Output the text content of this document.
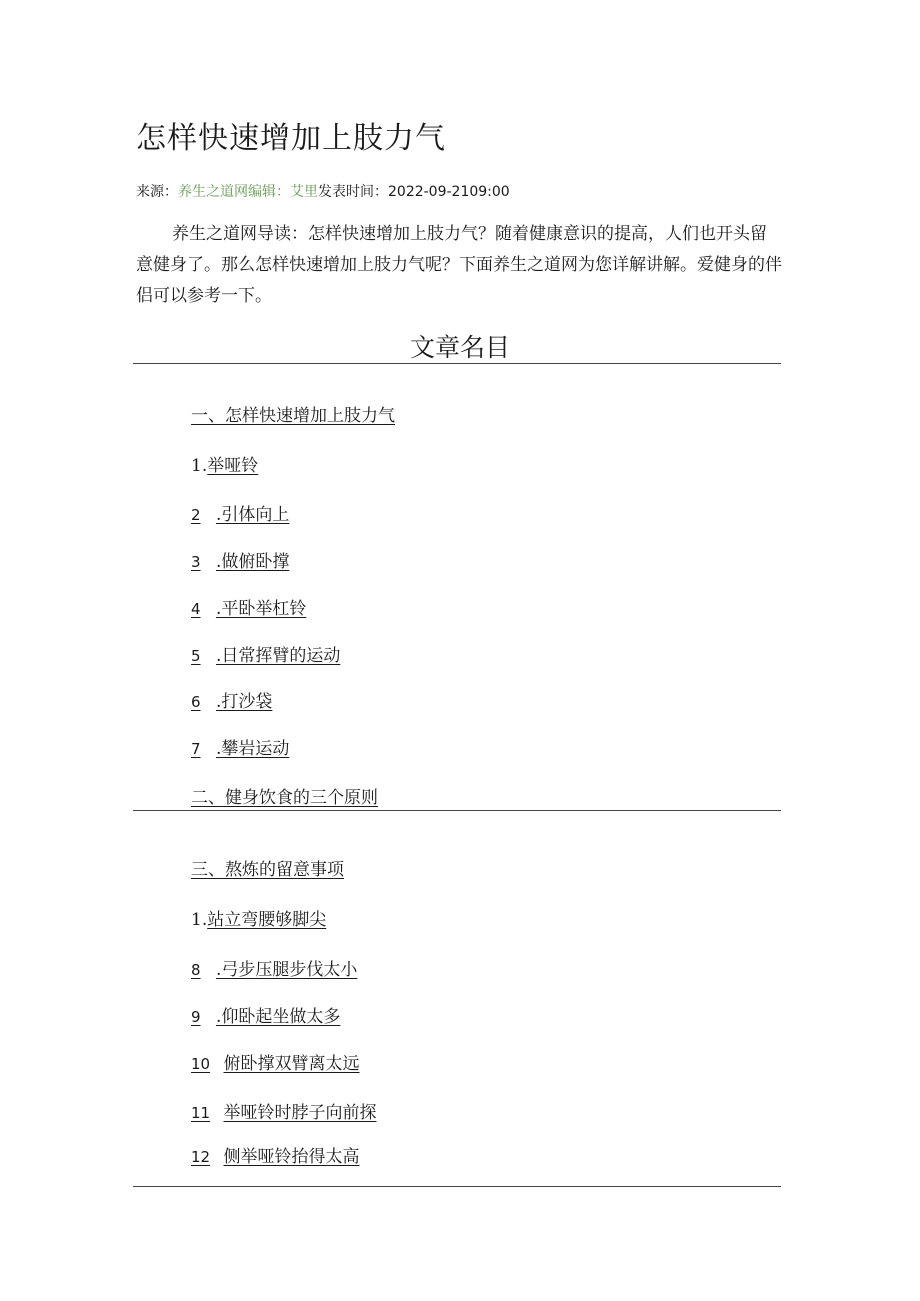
怎样快速增加上肢力气
来源：养生之道网编辑：艾里发表时间：2022-09-2109:00

养生之道网导读：怎样快速增加上肢力气？随着健康意识的提高，人们也开头留意健身了。那么怎样快速增加上肢力气呢？下面养生之道网为您详解讲解。爱健身的伴侣可以参考一下。

文章名目
一、怎样快速增加上肢力气
1.举哑铃
2 .引体向上
3 .做俯卧撑
4 .平卧举杠铃
5 .日常挥臂的运动
6 .打沙袋
7 .攀岩运动
二、健身饮食的三个原则
三、熬炼的留意事项
1.站立弯腰够脚尖
8 .弓步压腿步伐太小
9 .仰卧起坐做太多
10 俯卧撑双臂离太远
11 举哑铃时脖子向前探
12 侧举哑铃抬得太高
